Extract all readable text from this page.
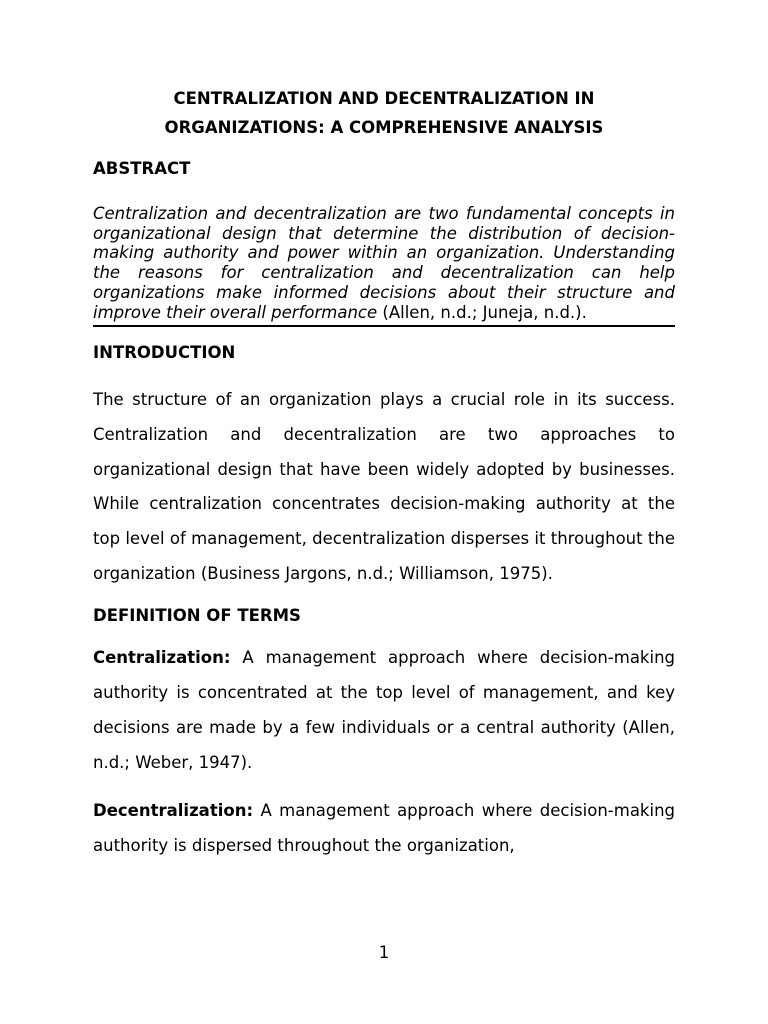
CENTRALIZATION AND DECENTRALIZATION IN

ORGANIZATIONS: A COMPREHENSIVE ANALYSIS

ABSTRACT

Centralization and decentralization are two fundamental concepts in organizational design that determine the distribution of decision-making authority and power within an organization. Understanding the reasons for centralization and decentralization can help organizations make informed decisions about their structure and improve their overall performance (Allen, n.d.; Juneja, n.d.).

INTRODUCTION

The structure of an organization plays a crucial role in its success. Centralization and decentralization are two approaches to organizational design that have been widely adopted by businesses. While centralization concentrates decision-making authority at the top level of management, decentralization disperses it throughout the organization (Business Jargons, n.d.; Williamson, 1975).

DEFINITION OF TERMS

Centralization: A management approach where decision-making authority is concentrated at the top level of management, and key decisions are made by a few individuals or a central authority (Allen, n.d.; Weber, 1947).

Decentralization: A management approach where decision-making authority is dispersed throughout the organization,

1
